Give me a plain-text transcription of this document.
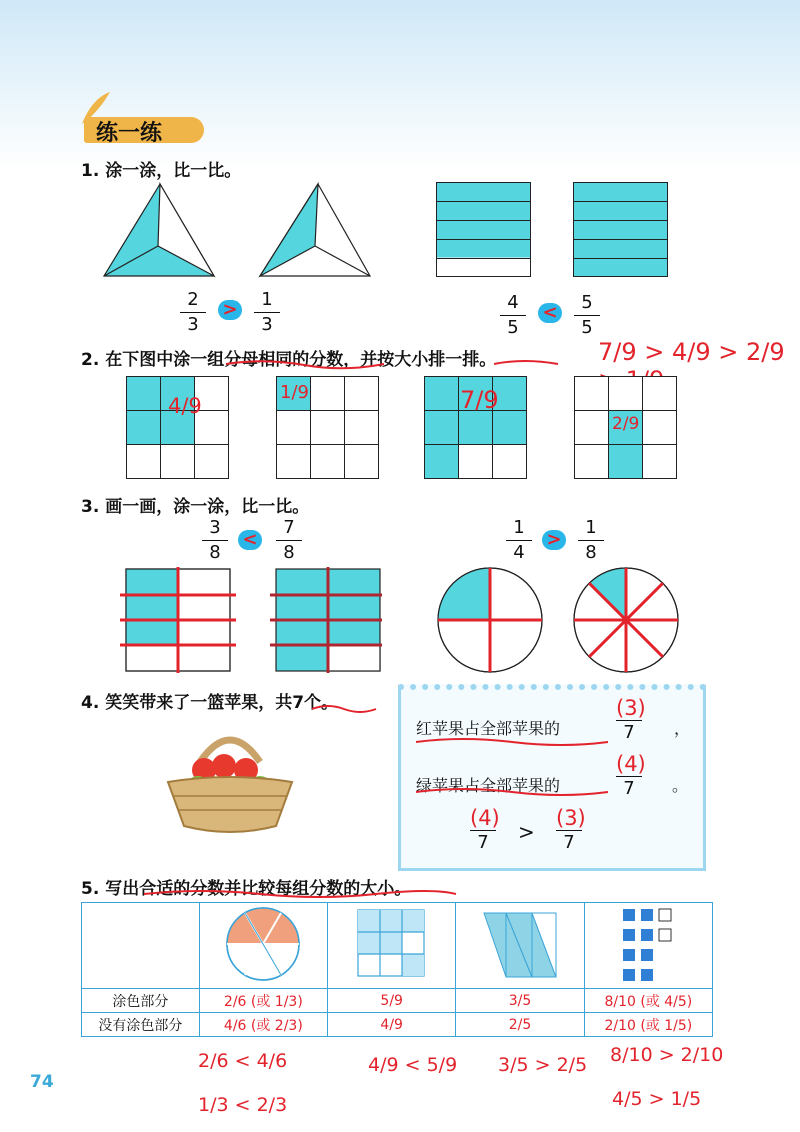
练一练
1. 涂一涂，比一比。
2
3
>	1
3
4
5
<	5
5
2. 在下图中涂一组分母相同的分数，并按大小排一排。	7/9 > 4/9 > 2/9
4/9
1/9	7/9
2/9
3. 画一画，涂一涂，比一比。
3
8
<
7
8
1
4
>
1
8
4. 笑笑带来了一篮苹果，共7个。
红苹果占全部苹果的
(3)
7	，
绿苹果占全部苹果的
(4)
7	。
(4)
7	>
(3)
7
5. 写出合适的分数并比较每组分数的大小。

涂色部分	2/6 (或 1/3)	5/9	3/5	8/10 (或 4/5)
没有涂色部分	4/6 (或 2/3)	4/9	2/5	2/10 (或 1/5)
2/6 < 4/6	4/9 < 5/9 3/5 > 2/5 8/10 > 2/10
1/3 < 2/3	4/5 > 1/5
74
